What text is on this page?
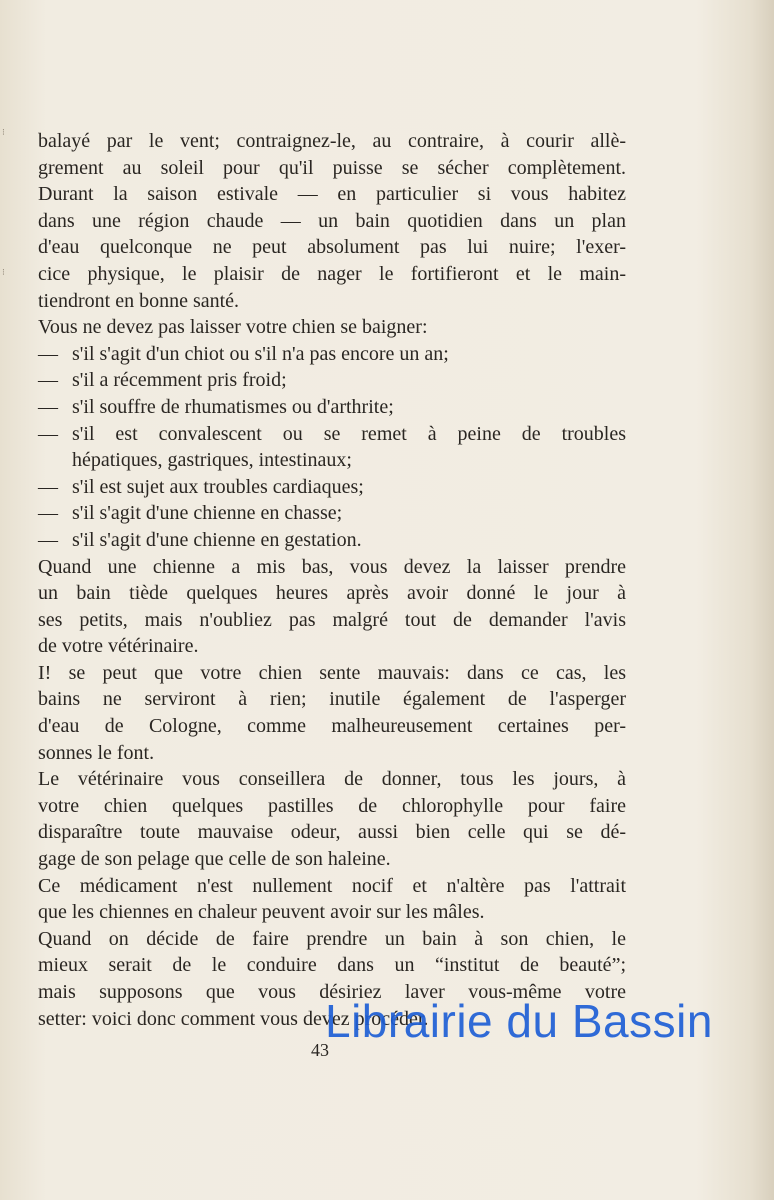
⁝
⁝
balayé par le vent; contraignez-le, au contraire, à courir allè-
grement au soleil pour qu'il puisse se sécher complètement.
Durant la saison estivale — en particulier si vous habitez
dans une région chaude — un bain quotidien dans un plan
d'eau quelconque ne peut absolument pas lui nuire; l'exer-
cice physique, le plaisir de nager le fortifieront et le main-
tiendront en bonne santé.
Vous ne devez pas laisser votre chien se baigner:
— s'il s'agit d'un chiot ou s'il n'a pas encore un an;
— s'il a récemment pris froid;
— s'il souffre de rhumatismes ou d'arthrite;
— s'il est convalescent ou se remet à peine de troubles
hépatiques, gastriques, intestinaux;
— s'il est sujet aux troubles cardiaques;
— s'il s'agit d'une chienne en chasse;
— s'il s'agit d'une chienne en gestation.
Quand une chienne a mis bas, vous devez la laisser prendre
un bain tiède quelques heures après avoir donné le jour à
ses petits, mais n'oubliez pas malgré tout de demander l'avis
de votre vétérinaire.
I! se peut que votre chien sente mauvais: dans ce cas, les
bains ne serviront à rien; inutile également de l'asperger
d'eau de Cologne, comme malheureusement certaines per-
sonnes le font.
Le vétérinaire vous conseillera de donner, tous les jours, à
votre chien quelques pastilles de chlorophylle pour faire
disparaître toute mauvaise odeur, aussi bien celle qui se dé-
gage de son pelage que celle de son haleine.
Ce médicament n'est nullement nocif et n'altère pas l'attrait
que les chiennes en chaleur peuvent avoir sur les mâles.
Quand on décide de faire prendre un bain à son chien, le
mieux serait de le conduire dans un “institut de beauté”;
mais supposons que vous désiriez laver vous-même votre
setter: voici donc comment vous devez procéder.
43
Librairie du Bassin
